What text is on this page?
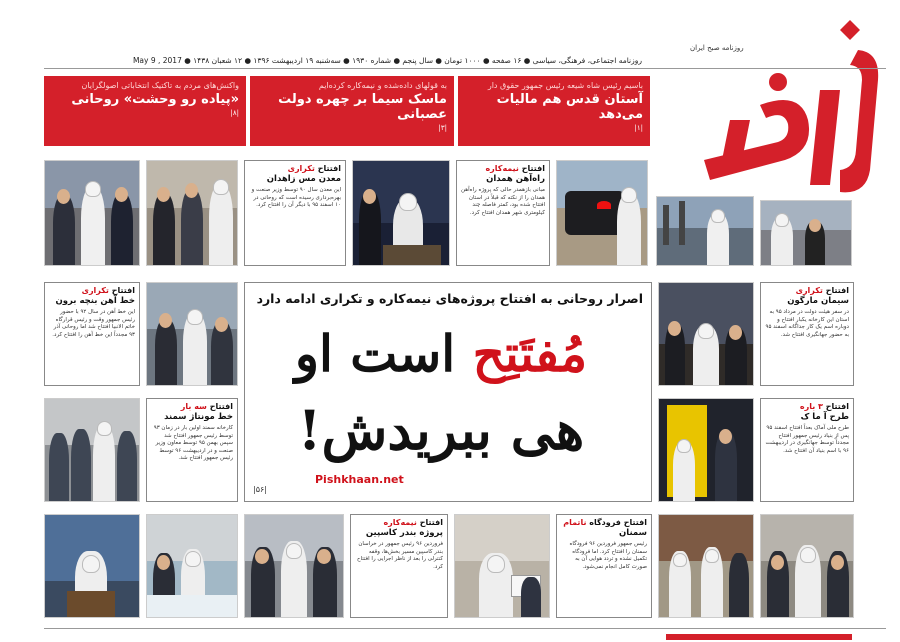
روزنامه صبح ایران
روزنامه اجتماعی، فرهنگی، سیاسی ● ۱۶ صفحه ● ۱۰۰۰ تومان ● سال پنجم ● شماره ۱۹۳۰ ● سه‌شنبه ۱۹ اردیبهشت ۱۳۹۶ ● ۱۲ شعبان ۱۴۳۸ ● May 9 , 2017
باسیم رئیس شاه شیعه رئیس جمهور حقوق دار
آستان قدس هم مالیات می‌دهد
|۱|
به قولهای داده‌شده و نیمه‌کاره کرده‌ایم
ماسک سیما بر چهره دولت عصبانی
|۳|
واکنش‌های مردم به تاکتیک انتخاباتی اصولگرایان
«پیاده رو وحشت» روحانی
|۸|
افتتاح تکراری
معدن مس زاهدان
این معدن سال ۹۰ توسط وزیر صنعت و بهره‌برداری رسیده است که روحانی در ۱۰ اسفند ۹۵ با دیگر آن را افتتاح کرد.
افتتاح نیمه‌کاره
راه‌آهن همدان
مبانی بازهمدر حالی که پروژه راه‌آهن همدان را از نکته که قبلاً در استان افتتاح شده بود، کمتر فاصله چند کیلومتری شهر همدان افتتاح کرد.
افتتاح تکراری
خط آهن بنچه برون
این خط آهن در سال ۹۲ با حضور رئیس جمهور وقت و رئیس قرارگاه خاتم الانبیا افتتاح شد اما روحانی آذر ۹۳ مجدداً این خط آهن را افتتاح کرد.
افتتاح سه بار
خط مونتاژ سمند
کارخانه سمند اولین بار در زمان ۹۳ توسط رئیس جمهور افتتاح شد سپس بهمن ۹۵ توسط معاون وزیر صنعت و در اردیبهشت ۹۶ توسط رئیس جمهور افتتاح شد.
اصرار روحانی به افتتاح پروژه‌های نیمه‌کاره و تکراری ادامه دارد
مُفتَتِح است او
هی ببریدش!
Pishkhaan.net
|۵۶|
افتتاح تکراری
سیمان مارگون
در سفر هیئت دولت در مرداد ۹۵ به استان این کارخانه یکبار افتتاح و دوباره اسم یک کار جداگانه اسفند ۹۵ به حضور جهانگیری افتتاح شد.
افتتاح ۳ باره
طرح آ ما ک
طرح ملی آماک بعداً افتتاح اسفند ۹۵ پس از بنیاد رئیس جمهور افتتاح مجدداً توسط جهانگیری در اردیبهشت ۹۶ با اسم بنیاد آن افتتاح شد.
افتتاح نیمه‌کاره
پروژه بندر کاسپین
فروردین ۹۶ رئیس جمهور در خراسان بندر کاسپین مسیر بخش‌ها، وقفه کنترلی را بعد از ناظر اجرایی را افتتاح کرد.
افتتاح فرودگاه ناتمام
سمنان
رئیس جمهور فروردین ۹۶ فرودگاه سمنان را افتتاح کرد. اما فرودگاه تکمیل نشده و تردد هوایی آن به صورت کامل انجام نمی‌شود.
